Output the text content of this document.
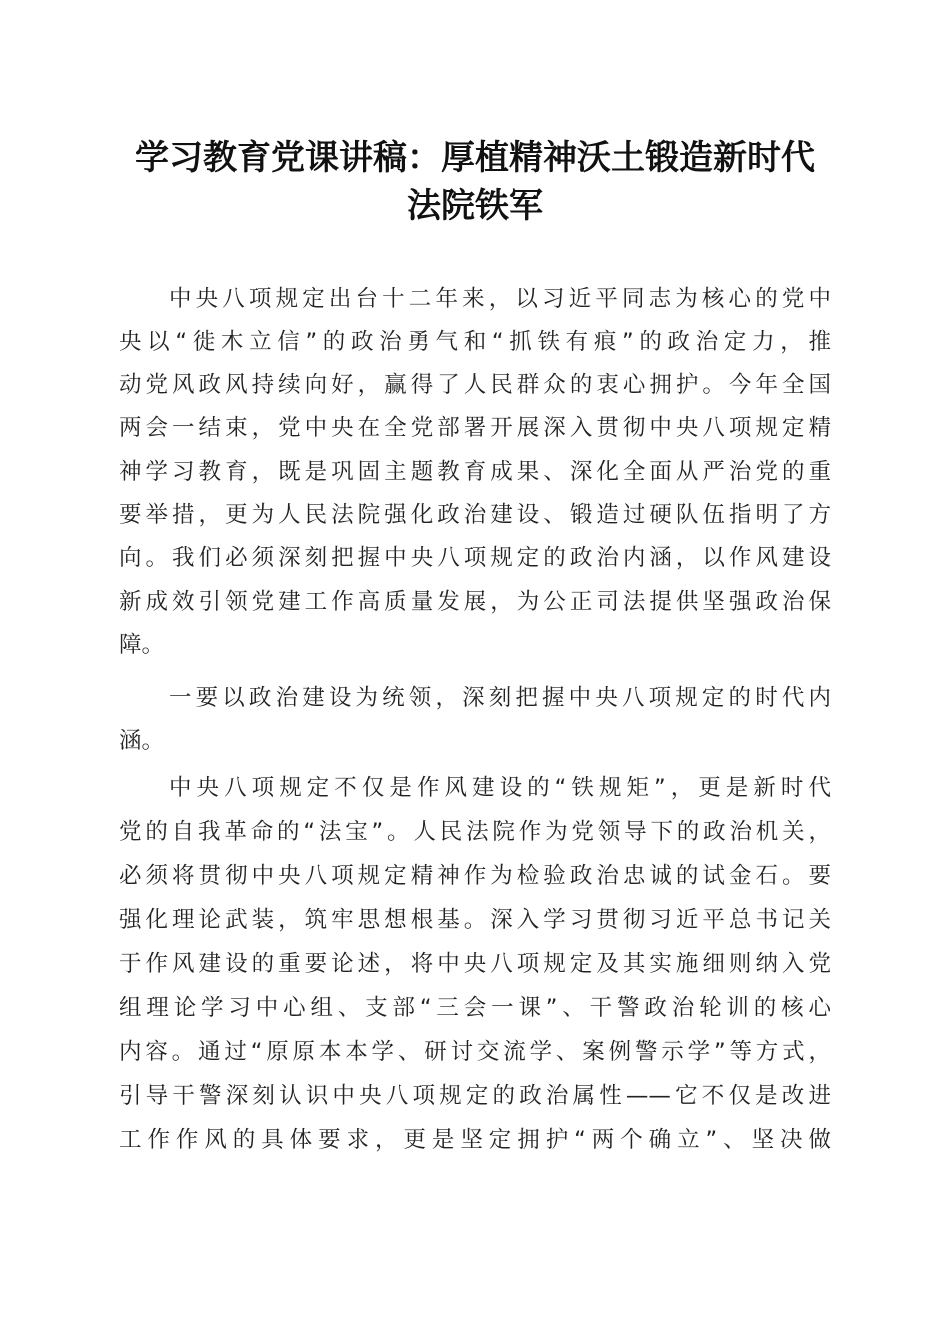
学习教育党课讲稿：厚植精神沃土锻造新时代
法院铁军
中央八项规定出台十二年来，以习近平同志为核心的党中
央以“徙木立信”的政治勇气和“抓铁有痕”的政治定力，推
动党风政风持续向好，赢得了人民群众的衷心拥护。今年全国
两会一结束，党中央在全党部署开展深入贯彻中央八项规定精
神学习教育，既是巩固主题教育成果、深化全面从严治党的重
要举措，更为人民法院强化政治建设、锻造过硬队伍指明了方
向。我们必须深刻把握中央八项规定的政治内涵，以作风建设
新成效引领党建工作高质量发展，为公正司法提供坚强政治保
障。
一要以政治建设为统领，深刻把握中央八项规定的时代内
涵。
中央八项规定不仅是作风建设的“铁规矩”，更是新时代
党的自我革命的“法宝”。人民法院作为党领导下的政治机关，
必须将贯彻中央八项规定精神作为检验政治忠诚的试金石。要
强化理论武装，筑牢思想根基。深入学习贯彻习近平总书记关
于作风建设的重要论述，将中央八项规定及其实施细则纳入党
组理论学习中心组、支部“三会一课”、干警政治轮训的核心
内容。通过“原原本本学、研讨交流学、案例警示学”等方式，
引导干警深刻认识中央八项规定的政治属性——它不仅是改进
工作作风的具体要求，更是坚定拥护“两个确立”、坚决做
